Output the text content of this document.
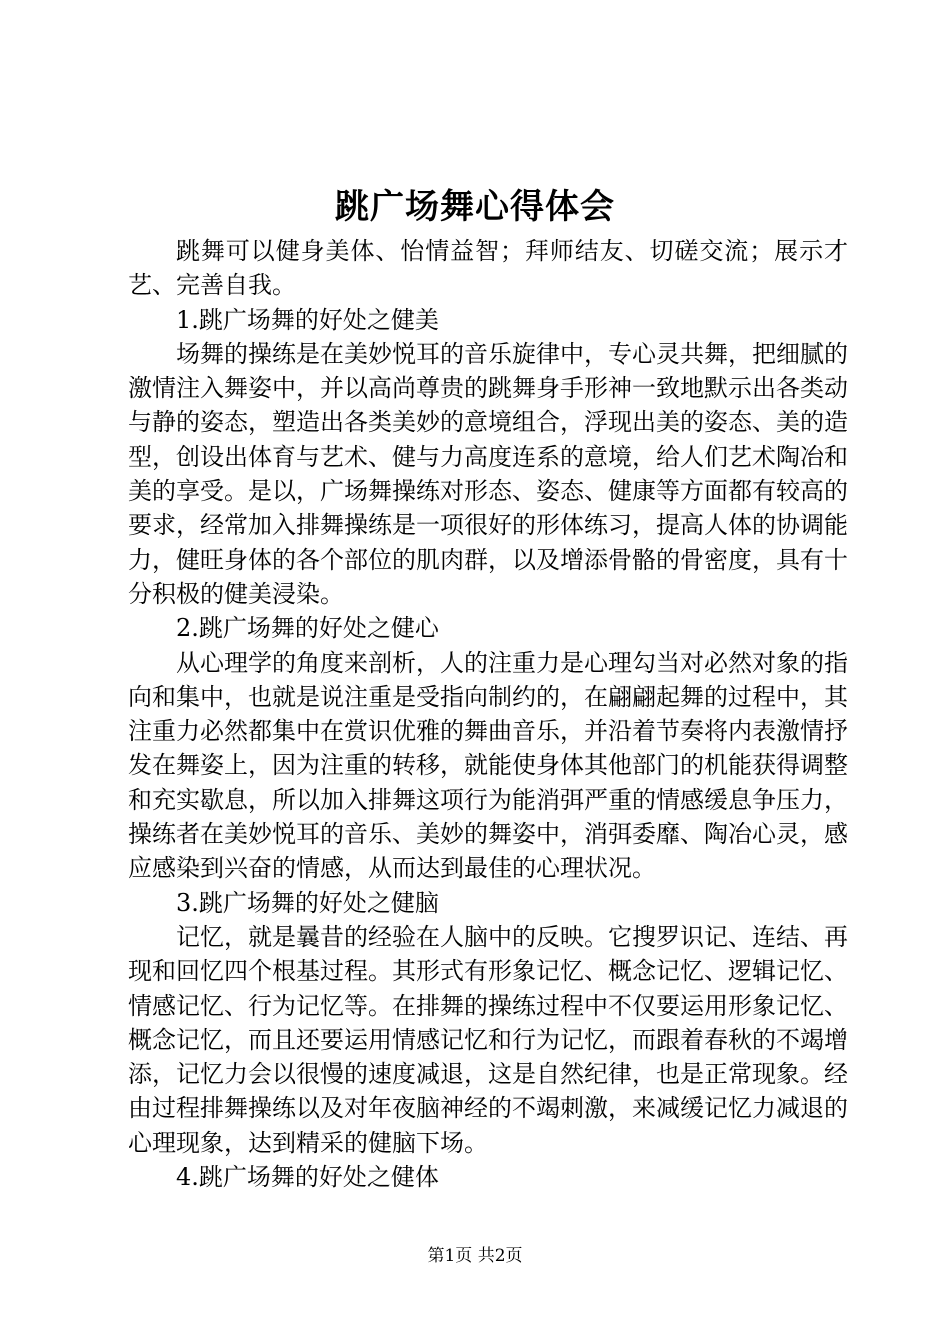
跳广场舞心得体会

跳舞可以健身美体、怡情益智；拜师结友、切磋交流；展示才艺、完善自我。

1.跳广场舞的好处之健美

场舞的操练是在美妙悦耳的音乐旋律中，专心灵共舞，把细腻的激情注入舞姿中，并以高尚尊贵的跳舞身手形神一致地默示出各类动与静的姿态，塑造出各类美妙的意境组合，浮现出美的姿态、美的造型，创设出体育与艺术、健与力高度连系的意境，给人们艺术陶冶和美的享受。是以，广场舞操练对形态、姿态、健康等方面都有较高的要求，经常加入排舞操练是一项很好的形体练习，提高人体的协调能力，健旺身体的各个部位的肌肉群，以及增添骨骼的骨密度，具有十分积极的健美浸染。

2.跳广场舞的好处之健心

从心理学的角度来剖析，人的注重力是心理勾当对必然对象的指向和集中，也就是说注重是受指向制约的，在翩翩起舞的过程中，其注重力必然都集中在赏识优雅的舞曲音乐，并沿着节奏将内表激情抒发在舞姿上，因为注重的转移，就能使身体其他部门的机能获得调整和充实歇息，所以加入排舞这项行为能消弭严重的情感缓息争压力，操练者在美妙悦耳的音乐、美妙的舞姿中，消弭委靡、陶冶心灵，感应感染到兴奋的情感，从而达到最佳的心理状况。

3.跳广场舞的好处之健脑

记忆，就是曩昔的经验在人脑中的反映。它搜罗识记、连结、再现和回忆四个根基过程。其形式有形象记忆、概念记忆、逻辑记忆、情感记忆、行为记忆等。在排舞的操练过程中不仅要运用形象记忆、概念记忆，而且还要运用情感记忆和行为记忆，而跟着春秋的不竭增添，记忆力会以很慢的速度减退，这是自然纪律，也是正常现象。经由过程排舞操练以及对年夜脑神经的不竭刺激，来减缓记忆力减退的心理现象，达到精采的健脑下场。

4.跳广场舞的好处之健体

第1页 共2页
